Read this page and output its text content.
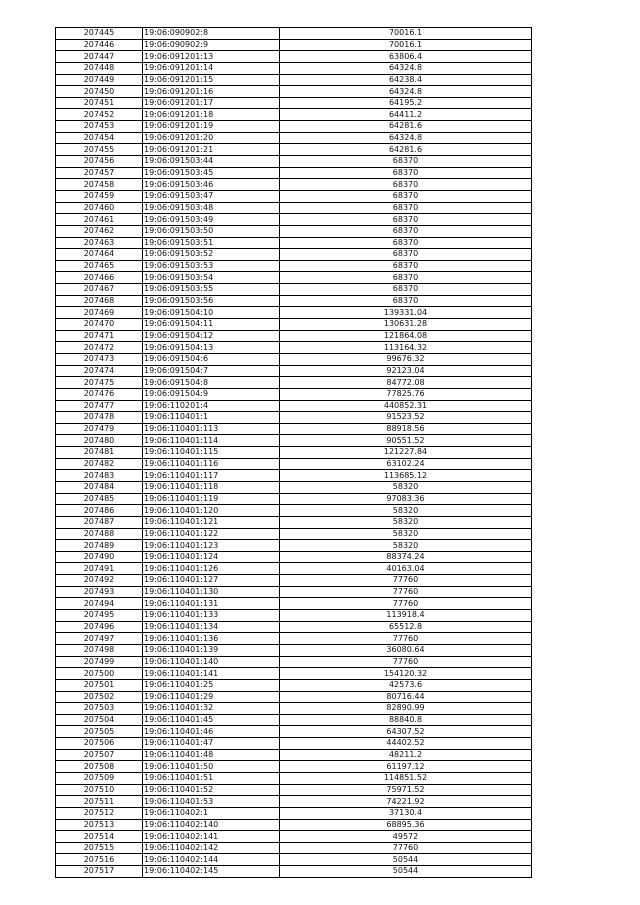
207445	19:06:090902:8	70016.1
207446	19:06:090902:9	70016.1
207447	19:06:091201:13	63806.4
207448	19:06:091201:14	64324.8
207449	19:06:091201:15	64238.4
207450	19:06:091201:16	64324.8
207451	19:06:091201:17	64195.2
207452	19:06:091201:18	64411.2
207453	19:06:091201:19	64281.6
207454	19:06:091201:20	64324.8
207455	19:06:091201:21	64281.6
207456	19:06:091503:44	68370
207457	19:06:091503:45	68370
207458	19:06:091503:46	68370
207459	19:06:091503:47	68370
207460	19:06:091503:48	68370
207461	19:06:091503:49	68370
207462	19:06:091503:50	68370
207463	19:06:091503:51	68370
207464	19:06:091503:52	68370
207465	19:06:091503:53	68370
207466	19:06:091503:54	68370
207467	19:06:091503:55	68370
207468	19:06:091503:56	68370
207469	19:06:091504:10	139331.04
207470	19:06:091504:11	130631.28
207471	19:06:091504:12	121864.08
207472	19:06:091504:13	113164.32
207473	19:06:091504:6	99676.32
207474	19:06:091504:7	92123.04
207475	19:06:091504:8	84772.08
207476	19:06:091504:9	77825.76
207477	19:06:110201:4	440852.31
207478	19:06:110401:1	91523.52
207479	19:06:110401:113	88918.56
207480	19:06:110401:114	90551.52
207481	19:06:110401:115	121227.84
207482	19:06:110401:116	63102.24
207483	19:06:110401:117	113685.12
207484	19:06:110401:118	58320
207485	19:06:110401:119	97083.36
207486	19:06:110401:120	58320
207487	19:06:110401:121	58320
207488	19:06:110401:122	58320
207489	19:06:110401:123	58320
207490	19:06:110401:124	88374.24
207491	19:06:110401:126	40163.04
207492	19:06:110401:127	77760
207493	19:06:110401:130	77760
207494	19:06:110401:131	77760
207495	19:06:110401:133	113918.4
207496	19:06:110401:134	65512.8
207497	19:06:110401:136	77760
207498	19:06:110401:139	36080.64
207499	19:06:110401:140	77760
207500	19:06:110401:141	154120.32
207501	19:06:110401:25	42573.6
207502	19:06:110401:29	80716.44
207503	19:06:110401:32	82890.99
207504	19:06:110401:45	88840.8
207505	19:06:110401:46	64307.52
207506	19:06:110401:47	44402.52
207507	19:06:110401:48	48211.2
207508	19:06:110401:50	61197.12
207509	19:06:110401:51	114851.52
207510	19:06:110401:52	75971.52
207511	19:06:110401:53	74221.92
207512	19:06:110402:1	37130.4
207513	19:06:110402:140	68895.36
207514	19:06:110402:141	49572
207515	19:06:110402:142	77760
207516	19:06:110402:144	50544
207517	19:06:110402:145	50544
